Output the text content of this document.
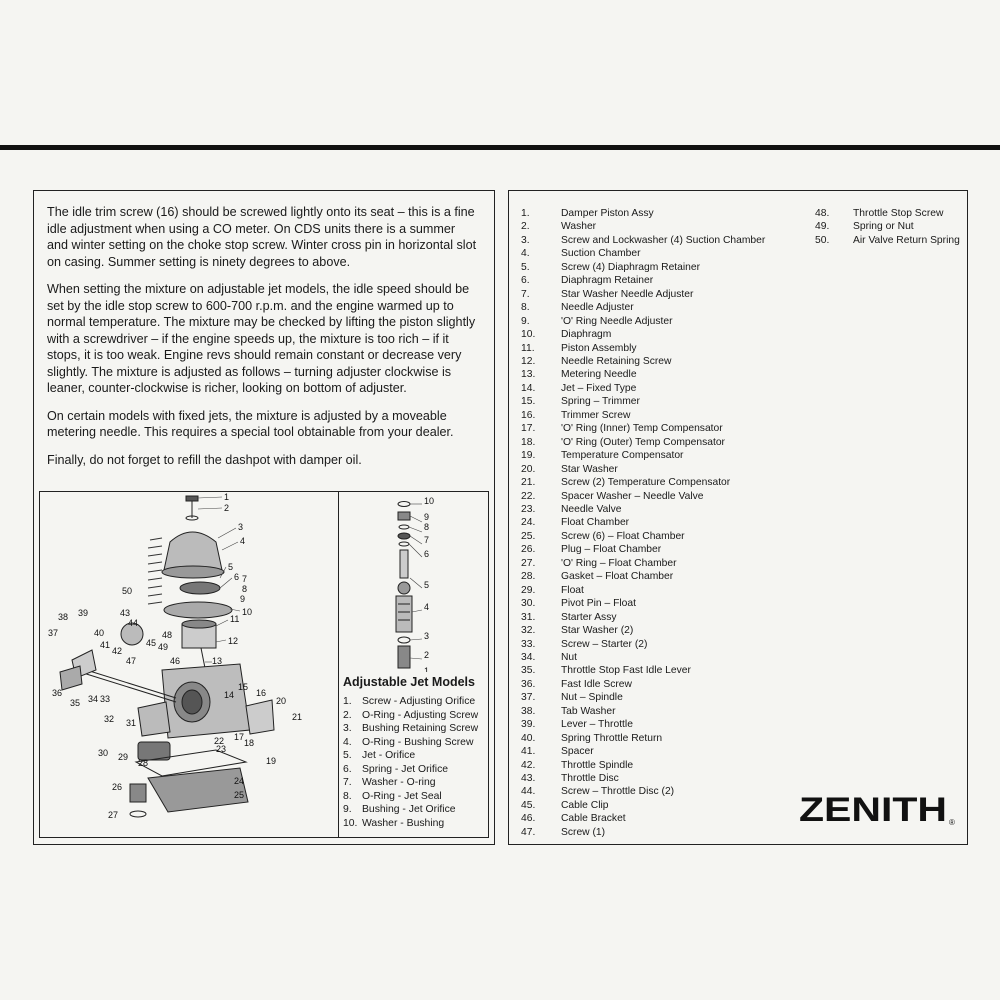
The idle trim screw (16) should be screwed lightly onto its seat – this is a fine idle adjustment when using a CO meter. On CDS units there is a summer and winter setting on the choke stop screw. Winter cross pin in horizontal slot on casing. Summer setting is ninety degrees to above.

When setting the mixture on adjustable jet models, the idle speed should be set by the idle stop screw to 600-700 r.p.m. and the engine warmed up to normal temperature. The mixture may be checked by lifting the piston slightly with a screwdriver – if the engine speeds up, the mixture is too rich – if it stops, it is too weak. Engine revs should remain constant or decrease very slightly. The mixture is adjusted as follows – turning adjuster clockwise is leaner, counter-clockwise is richer, looking on bottom of adjuster.

On certain models with fixed jets, the mixture is adjusted by a moveable metering needle. This requires a special tool obtainable from your dealer.

Finally, do not forget to refill the dashpot with damper oil.

1
2
3
4
5
6 7
8
9
10
11
12
13
14
15
16
17
18
19
20
21
22
23
24
25
26
27
28
29
30
31
32
33
34
35
36
37
38 39
40
41
42
43
44
45
46
47
48
49
50
10
9
8
7
6
5
4
3
2
1
Adjustable Jet Models
1. Screw - Adjusting Orifice
2. O-Ring - Adjusting Screw
3. Bushing Retaining Screw
4. O-Ring - Bushing Screw
5. Jet - Orifice
6. Spring - Jet Orifice
7. Washer - O-ring
8. O-Ring - Jet Seal
9. Bushing - Jet Orifice
10. Washer - Bushing
1.	Damper Piston Assy
2.	Washer
3.	Screw and Lockwasher (4) Suction Chamber
4.	Suction Chamber
5.	Screw (4) Diaphragm Retainer
6.	Diaphragm Retainer
7.	Star Washer Needle Adjuster
8.	Needle Adjuster
9.	'O' Ring Needle Adjuster
10.	Diaphragm
11.	Piston Assembly
12.	Needle Retaining Screw
13.	Metering Needle
14.	Jet – Fixed Type
15.	Spring – Trimmer
16.	Trimmer Screw
17.	'O' Ring (Inner) Temp Compensator
18.	'O' Ring (Outer) Temp Compensator
19.	Temperature Compensator
20.	Star Washer
21.	Screw (2) Temperature Compensator
22.	Spacer Washer – Needle Valve
23.	Needle Valve
24.	Float Chamber
25.	Screw (6) – Float Chamber
26.	Plug – Float Chamber
27.	'O' Ring – Float Chamber
28.	Gasket – Float Chamber
29.	Float
30.	Pivot Pin – Float
31.	Starter Assy
32.	Star Washer (2)
33.	Screw – Starter (2)
34.	Nut
35.	Throttle Stop Fast Idle Lever
36.	Fast Idle Screw
37.	Nut – Spindle
38.	Tab Washer
39.	Lever – Throttle
40.	Spring Throttle Return
41.	Spacer
42.	Throttle Spindle
43.	Throttle Disc
44.	Screw – Throttle Disc (2)
45.	Cable Clip
46.	Cable Bracket
47.	Screw (1)
48.	Throttle Stop Screw
49.	Spring or Nut
50.	Air Valve Return Spring
ZENITH ®
